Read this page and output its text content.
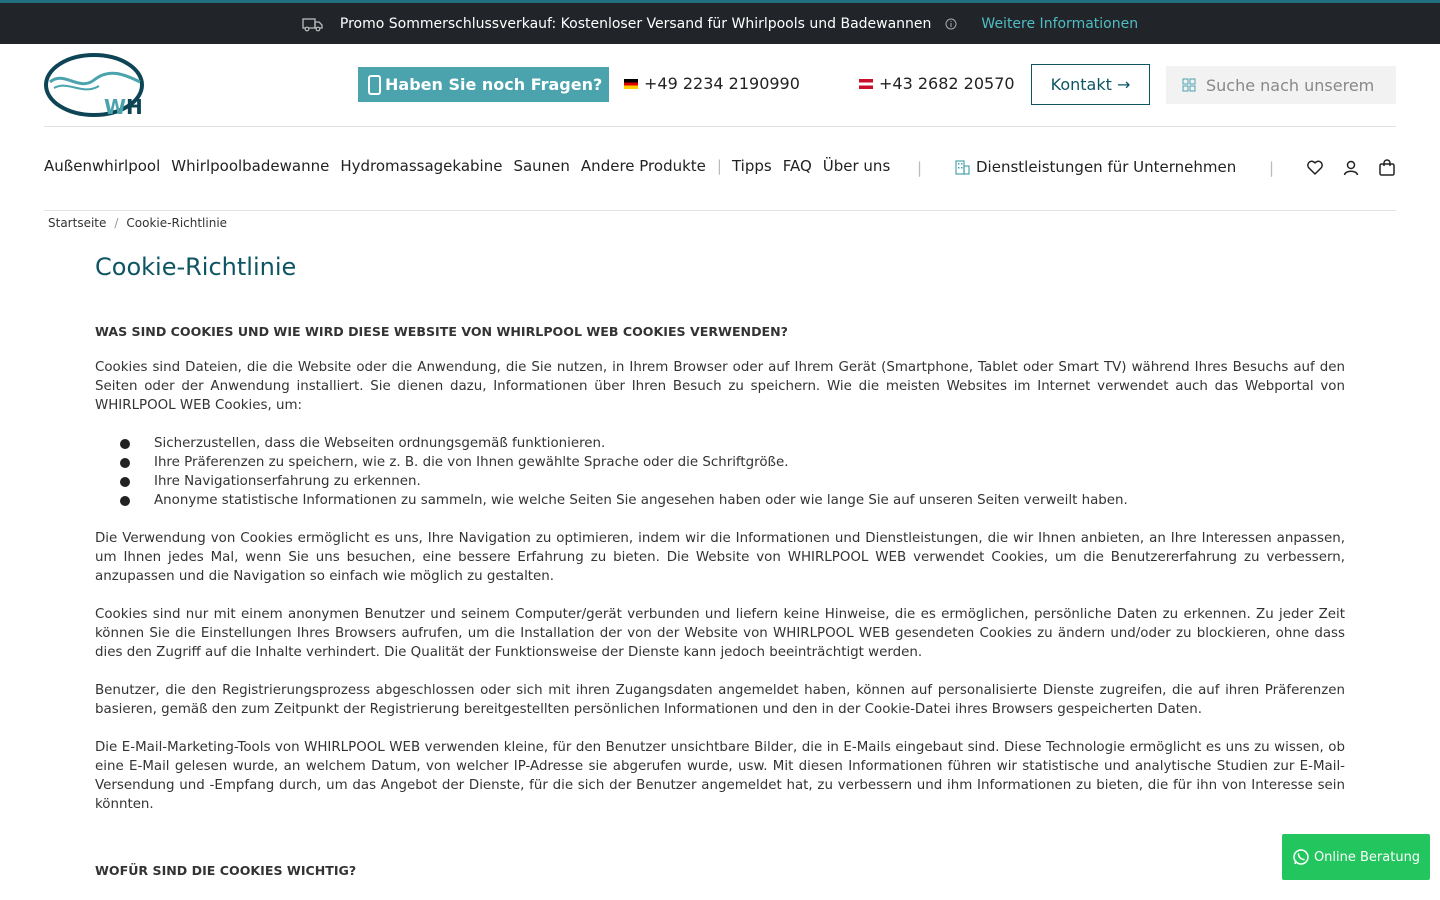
Promo Sommerschlussverkauf: Kostenloser Versand für Whirlpools und Badewannen	Weitere Informationen
W H
Haben Sie noch Fragen?	+49 2234 2190990	+43 2682 20570	Kontakt →
Suche nach unserem
Außenwhirlpool Whirlpoolbadewanne Hydromassagekabine Saunen Andere Produkte | Tipps FAQ Über uns |	Dienstleistungen für Unternehmen |
Startseite / Cookie-Richtlinie
Cookie-Richtlinie
WAS SIND COOKIES UND WIE WIRD DIESE WEBSITE VON WHIRLPOOL WEB COOKIES VERWENDEN?

Cookies sind Dateien, die die Website oder die Anwendung, die Sie nutzen, in Ihrem Browser oder auf Ihrem Gerät (Smartphone, Tablet oder Smart TV) während Ihres Besuchs auf den Seiten oder der Anwendung installiert. Sie dienen dazu, Informationen über Ihren Besuch zu speichern. Wie die meisten Websites im Internet verwendet auch das Webportal von WHIRLPOOL WEB Cookies, um:

Sicherzustellen, dass die Webseiten ordnungsgemäß funktionieren.
Ihre Präferenzen zu speichern, wie z. B. die von Ihnen gewählte Sprache oder die Schriftgröße.
Ihre Navigationserfahrung zu erkennen.
Anonyme statistische Informationen zu sammeln, wie welche Seiten Sie angesehen haben oder wie lange Sie auf unseren Seiten verweilt haben.

Die Verwendung von Cookies ermöglicht es uns, Ihre Navigation zu optimieren, indem wir die Informationen und Dienstleistungen, die wir Ihnen anbieten, an Ihre Interessen anpassen, um Ihnen jedes Mal, wenn Sie uns besuchen, eine bessere Erfahrung zu bieten. Die Website von WHIRLPOOL WEB verwendet Cookies, um die Benutzererfahrung zu verbessern, anzupassen und die Navigation so einfach wie möglich zu gestalten.

Cookies sind nur mit einem anonymen Benutzer und seinem Computer/gerät verbunden und liefern keine Hinweise, die es ermöglichen, persönliche Daten zu erkennen. Zu jeder Zeit können Sie die Einstellungen Ihres Browsers aufrufen, um die Installation der von der Website von WHIRLPOOL WEB gesendeten Cookies zu ändern und/oder zu blockieren, ohne dass dies den Zugriff auf die Inhalte verhindert. Die Qualität der Funktionsweise der Dienste kann jedoch beeinträchtigt werden.

Benutzer, die den Registrierungsprozess abgeschlossen oder sich mit ihren Zugangsdaten angemeldet haben, können auf personalisierte Dienste zugreifen, die auf ihren Präferenzen basieren, gemäß den zum Zeitpunkt der Registrierung bereitgestellten persönlichen Informationen und den in der Cookie-Datei ihres Browsers gespeicherten Daten.

Die E-Mail-Marketing-Tools von WHIRLPOOL WEB verwenden kleine, für den Benutzer unsichtbare Bilder, die in E-Mails eingebaut sind. Diese Technologie ermöglicht es uns zu wissen, ob eine E-Mail gelesen wurde, an welchem Datum, von welcher IP-Adresse sie abgerufen wurde, usw. Mit diesen Informationen führen wir statistische und analytische Studien zur E-Mail-Versendung und -Empfang durch, um das Angebot der Dienste, für die sich der Benutzer angemeldet hat, zu verbessern und ihm Informationen zu bieten, die für ihn von Interesse sein könnten.

WOFÜR SIND DIE COOKIES WICHTIG?
Online Beratung
